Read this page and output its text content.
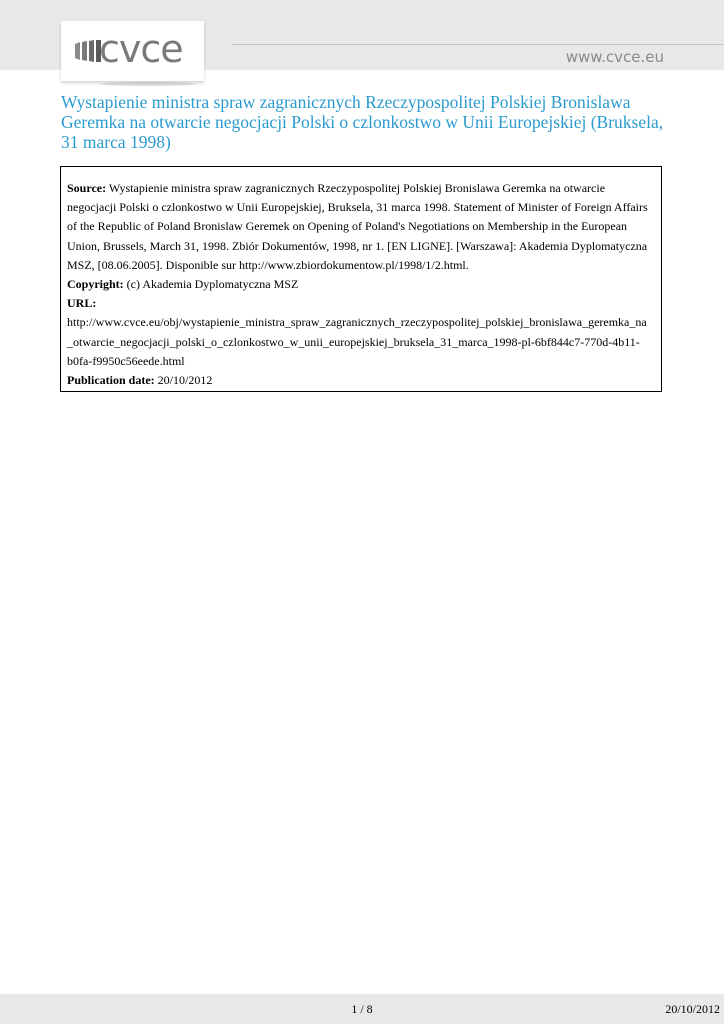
cvce	www.cvce.eu
Wystapienie ministra spraw zagranicznych Rzeczypospolitej Polskiej Bronislawa Geremka na otwarcie negocjacji Polski o czlonkostwo w Unii Europejskiej (Bruksela, 31 marca 1998)

Source: Wystapienie ministra spraw zagranicznych Rzeczypospolitej Polskiej Bronislawa Geremka na otwarcie negocjacji Polski o czlonkostwo w Unii Europejskiej, Bruksela, 31 marca 1998. Statement of Minister of Foreign Affairs of the Republic of Poland Bronislaw Geremek on Opening of Poland's Negotiations on Membership in the European Union, Brussels, March 31, 1998. Zbiór Dokumentów, 1998, nr 1. [EN LIGNE]. [Warszawa]: Akademia Dyplomatyczna MSZ, [08.06.2005]. Disponible sur http://www.zbiordokumentow.pl/1998/1/2.html.

Copyright: (c) Akademia Dyplomatyczna MSZ

URL:

http://www.cvce.eu/obj/wystapienie_ministra_spraw_zagranicznych_rzeczypospolitej_polskiej_bronislawa_geremka_na
_otwarcie_negocjacji_polski_o_czlonkostwo_w_unii_europejskiej_bruksela_31_marca_1998-pl-6bf844c7-770d-4b11-
b0fa-f9950c56eede.html

Publication date: 20/10/2012

1 / 8	20/10/2012
